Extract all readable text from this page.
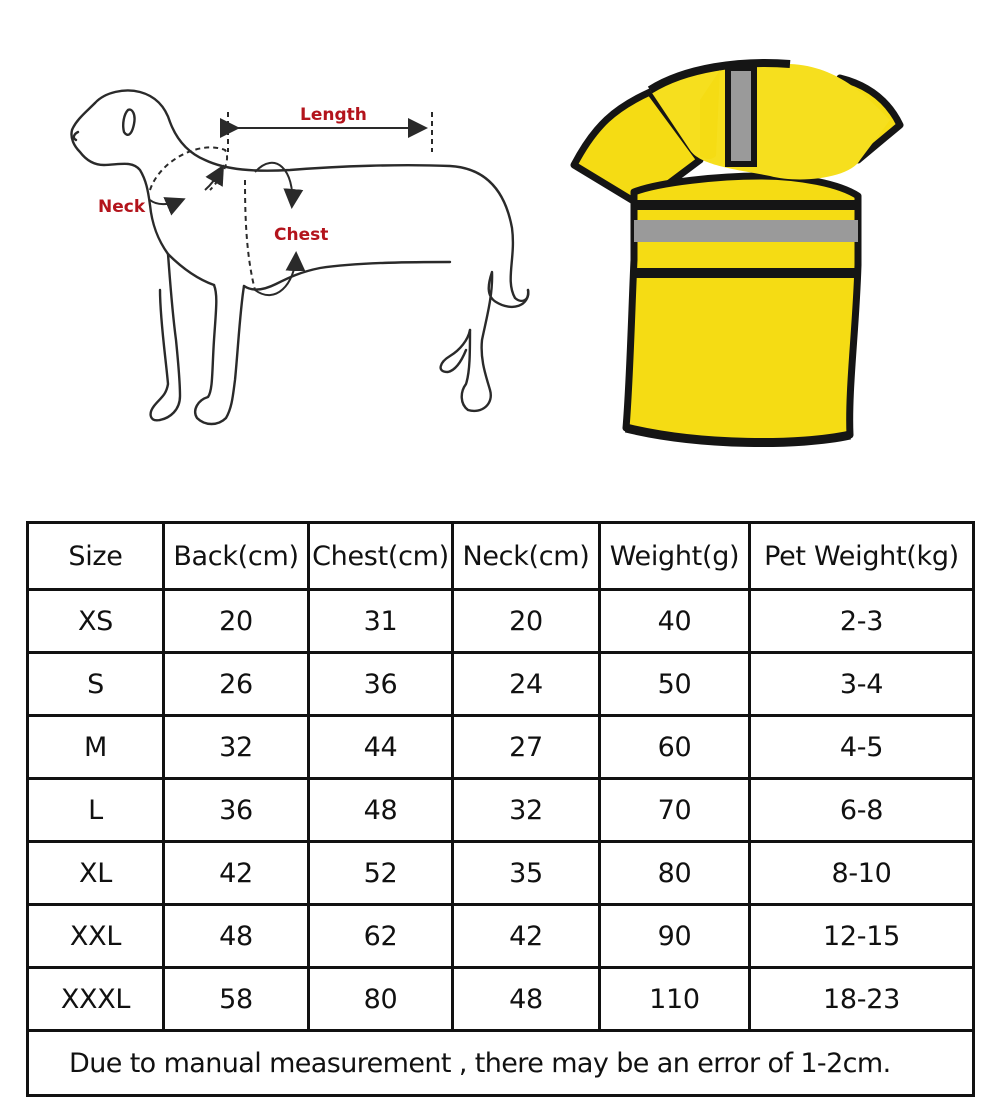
Length
Neck
Chest
Size	Back(cm)	Chest(cm)	Neck(cm)	Weight(g)	Pet Weight(kg)
XS	20	31	20	40	2-3
S	26	36	24	50	3-4
M	32	44	27	60	4-5
L	36	48	32	70	6-8
XL	42	52	35	80	8-10
XXL	48	62	42	90	12-15
XXXL	58	80	48	110	18-23
Due to manual measurement , there may be an error of 1-2cm.					
